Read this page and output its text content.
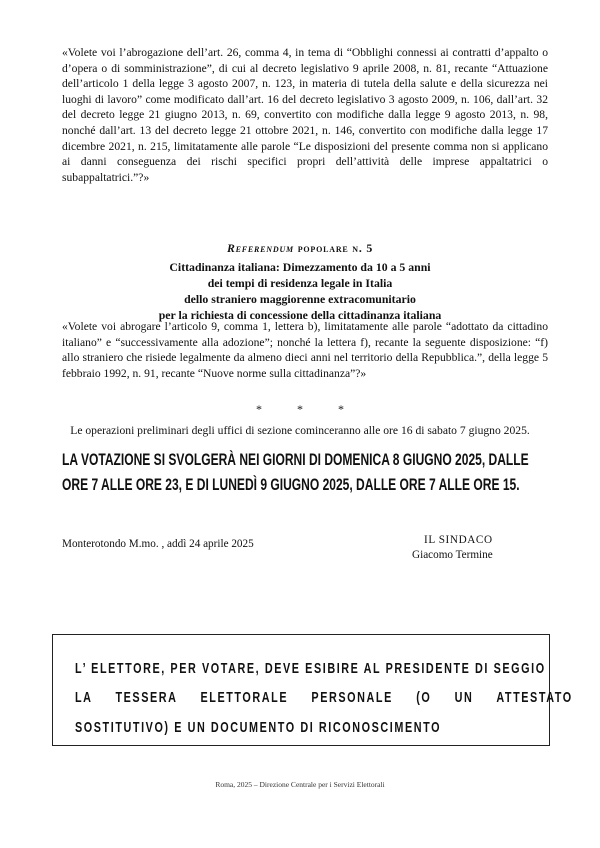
«Volete voi l’abrogazione dell’art. 26, comma 4, in tema di “Obblighi connessi ai contratti d’appalto o d’opera o di somministrazione”, di cui al decreto legislativo 9 aprile 2008, n. 81, recante “Attuazione dell’articolo 1 della legge 3 agosto 2007, n. 123, in materia di tutela della salute e della sicurezza nei luoghi di lavoro” come modificato dall’art. 16 del decreto legislativo 3 agosto 2009, n. 106, dall’art. 32 del decreto legge 21 giugno 2013, n. 69, convertito con modifiche dalla legge 9 agosto 2013, n. 98, nonché dall’art. 13 del decreto legge 21 ottobre 2021, n. 146, convertito con modifiche dalla legge 17 dicembre 2021, n. 215, limitatamente alle parole “Le disposizioni del presente comma non si applicano ai danni conseguenza dei rischi specifici propri dell’attività delle imprese appaltatrici o subappaltatrici.”?»

Referendum popolare n. 5
Cittadinanza italiana: Dimezzamento da 10 a 5 anni
dei tempi di residenza legale in Italia
dello straniero maggiorenne extracomunitario
per la richiesta di concessione della cittadinanza italiana

«Volete voi abrogare l’articolo 9, comma 1, lettera b), limitatamente alle parole “adottato da cittadino italiano” e “successivamente alla adozione”; nonché la lettera f), recante la seguente disposizione: “f) allo straniero che risiede legalmente da almeno dieci anni nel territorio della Repubblica.”, della legge 5 febbraio 1992, n. 91, recante “Nuove norme sulla cittadinanza”?»

* * *
Le operazioni preliminari degli uffici di sezione cominceranno alle ore 16 di sabato 7 giugno 2025.
LA VOTAZIONE SI SVOLGERÀ NEI GIORNI DI DOMENICA 8 GIUGNO 2025, DALLE
ORE 7 ALLE ORE 23, E DI LUNEDÌ 9 GIUGNO 2025, DALLE ORE 7 ALLE ORE 15.
Monterotondo M.mo. , addì 24 aprile 2025	IL SINDACO
Giacomo Termine
L’ ELETTORE, PER VOTARE, DEVE ESIBIRE AL PRESIDENTE DI SEGGIO
LA TESSERA ELETTORALE PERSONALE (O UN ATTESTATO
SOSTITUTIVO) E UN DOCUMENTO DI RICONOSCIMENTO
Roma, 2025 – Direzione Centrale per i Servizi Elettorali
